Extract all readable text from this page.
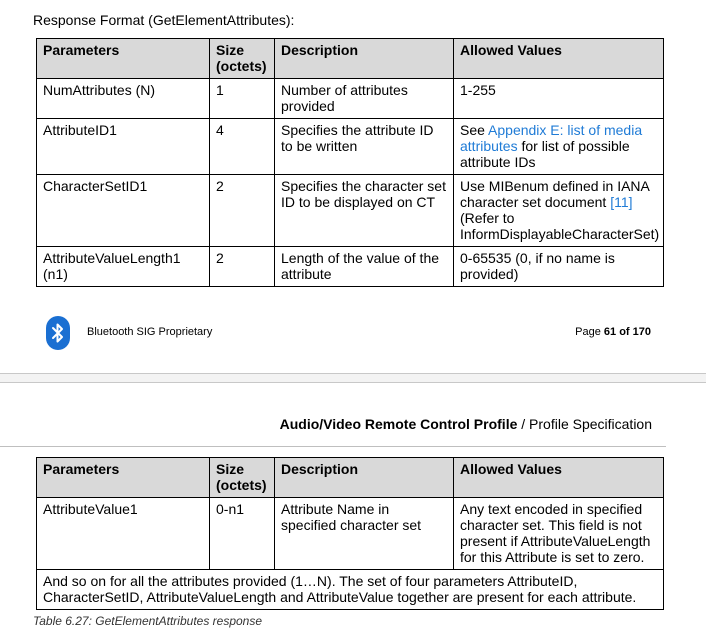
Response Format (GetElementAttributes):
Parameters	Size (octets)	Description	Allowed Values
NumAttributes (N)	1	Number of attributes provided	1-255
AttributeID1	4	Specifies the attribute ID to be written	See Appendix E: list of media attributes for list of possible attribute IDs
CharacterSetID1	2	Specifies the character set ID to be displayed on CT	Use MIBenum defined in IANA character set document [11] (Refer to InformDisplayableCharacterSet)
AttributeValueLength1 (n1)	2	Length of the value of the attribute	0-65535 (0, if no name is provided)
Bluetooth SIG Proprietary	Page 61 of 170
Audio/Video Remote Control Profile / Profile Specification
Parameters	Size (octets)	Description	Allowed Values
AttributeValue1	0-n1	Attribute Name in specified character set	Any text encoded in specified character set. This field is not present if AttributeValueLength for this Attribute is set to zero.
And so on for all the attributes provided (1…N). The set of four parameters AttributeID, CharacterSetID, AttributeValueLength and AttributeValue together are present for each attribute.			
Table 6.27: GetElementAttributes response
